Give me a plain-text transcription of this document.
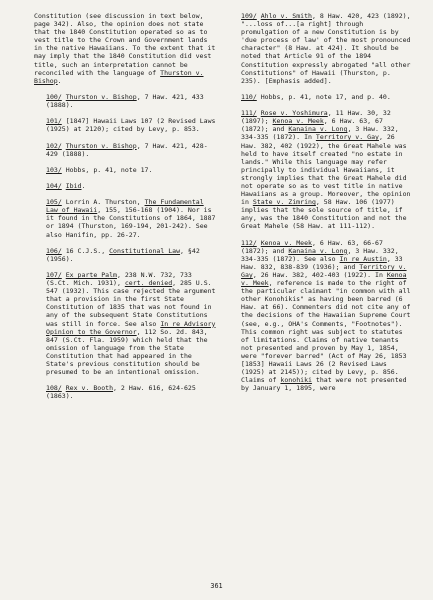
Constitution (see discussion in text below, page 342). Also, the opinion does not state that the 1840 Constitution operated so as to vest title to the Crown and Government lands in the native Hawaiians. To the extent that it may imply that the 1840 Constitution did vest title, such an interpretation cannot be reconciled with the language of Thurston v. Bishop.

100/ Thurston v. Bishop, 7 Haw. 421, 433 (1888).

101/ [1847] Hawaii Laws 107 (2 Revised Laws (1925) at 2120); cited by Levy, p. 853.

102/ Thurston v. Bishop, 7 Haw. 421, 428-429 (1888).

103/ Hobbs, p. 41, note 17.

104/ Ibid.

105/ Lorrin A. Thurston, The Fundamental Law of Hawaii, 155, 156-168 (1904). Nor is it found in the Constitutions of 1864, 1887 or 1894 (Thurston, 169-194, 201-242). See also Hanifin, pp. 26-27.

106/ 16 C.J.S., Constitutional Law, §42 (1956).

107/ Ex parte Palm, 238 N.W. 732, 733 (S.Ct. Mich. 1931), cert. denied, 285 U.S. 547 (1932). This case rejected the argument that a provision in the first State Constitution of 1835 that was not found in any of the subsequent State Constitutions was still in force. See also In re Advisory Opinion to the Governor, 112 So. 2d. 843, 847 (S.Ct. Fla. 1959) which held that the omission of language from the State Constitution that had appeared in the State's previous constitution should be presumed to be an intentional omission.

108/ Rex v. Booth, 2 Haw. 616, 624-625 (1863).

109/ Ahlo v. Smith, 8 Haw. 420, 423 (1892), "...loss of...[a right] through promulgation of a new Constitution is by 'due process of law' of the most pronounced character" (8 Haw. at 424). It should be noted that Article 91 of the 1894 Constitution expressly abrogated "all other Constitutions" of Hawaii (Thurston, p. 235). [Emphasis added].

110/ Hobbs, p. 41, note 17, and p. 40.

111/ Rose v. Yoshimura, 11 Haw. 30, 32 (1897); Kenoa v. Meek, 6 Haw. 63, 67 (1872); and Kanaina v. Long, 3 Haw. 332, 334-335 (1872). In Territory v. Gay, 26 Haw. 382, 402 (1922), the Great Mahele was held to have itself created "no estate in lands." While this language may refer principally to individual Hawaiians, it strongly implies that the Great Mahele did not operate so as to vest title in native Hawaiians as a group. Moreover, the opinion in State v. Zimring, 58 Haw. 106 (1977) implies that the sole source of title, if any, was the 1840 Constitution and not the Great Mahele (58 Haw. at 111-112).

112/ Kenoa v. Meek, 6 Haw. 63, 66-67 (1872); and Kanaina v. Long, 3 Haw. 332, 334-335 (1872). See also In re Austin, 33 Haw. 832, 838-839 (1936); and Territory v. Gay, 26 Haw. 382, 402-403 (1922). In Kenoa v. Meek, reference is made to the right of the particular claimant "in common with all other Konohikis" as having been barred (6 Haw. at 66). Commenters did not cite any of the decisions of the Hawaiian Supreme Court (see, e.g., OHA's Comments, "Footnotes").
This common right was subject to statutes of limitations. Claims of native tenants not presented and proven by May 1, 1854, were "forever barred" (Act of May 26, 1853 [1853] Hawaii Laws 26 (2 Revised Laws (1925) at 2145)); cited by Levy, p. 856. Claims of konohiki that were not presented by January 1, 1895, were

361
